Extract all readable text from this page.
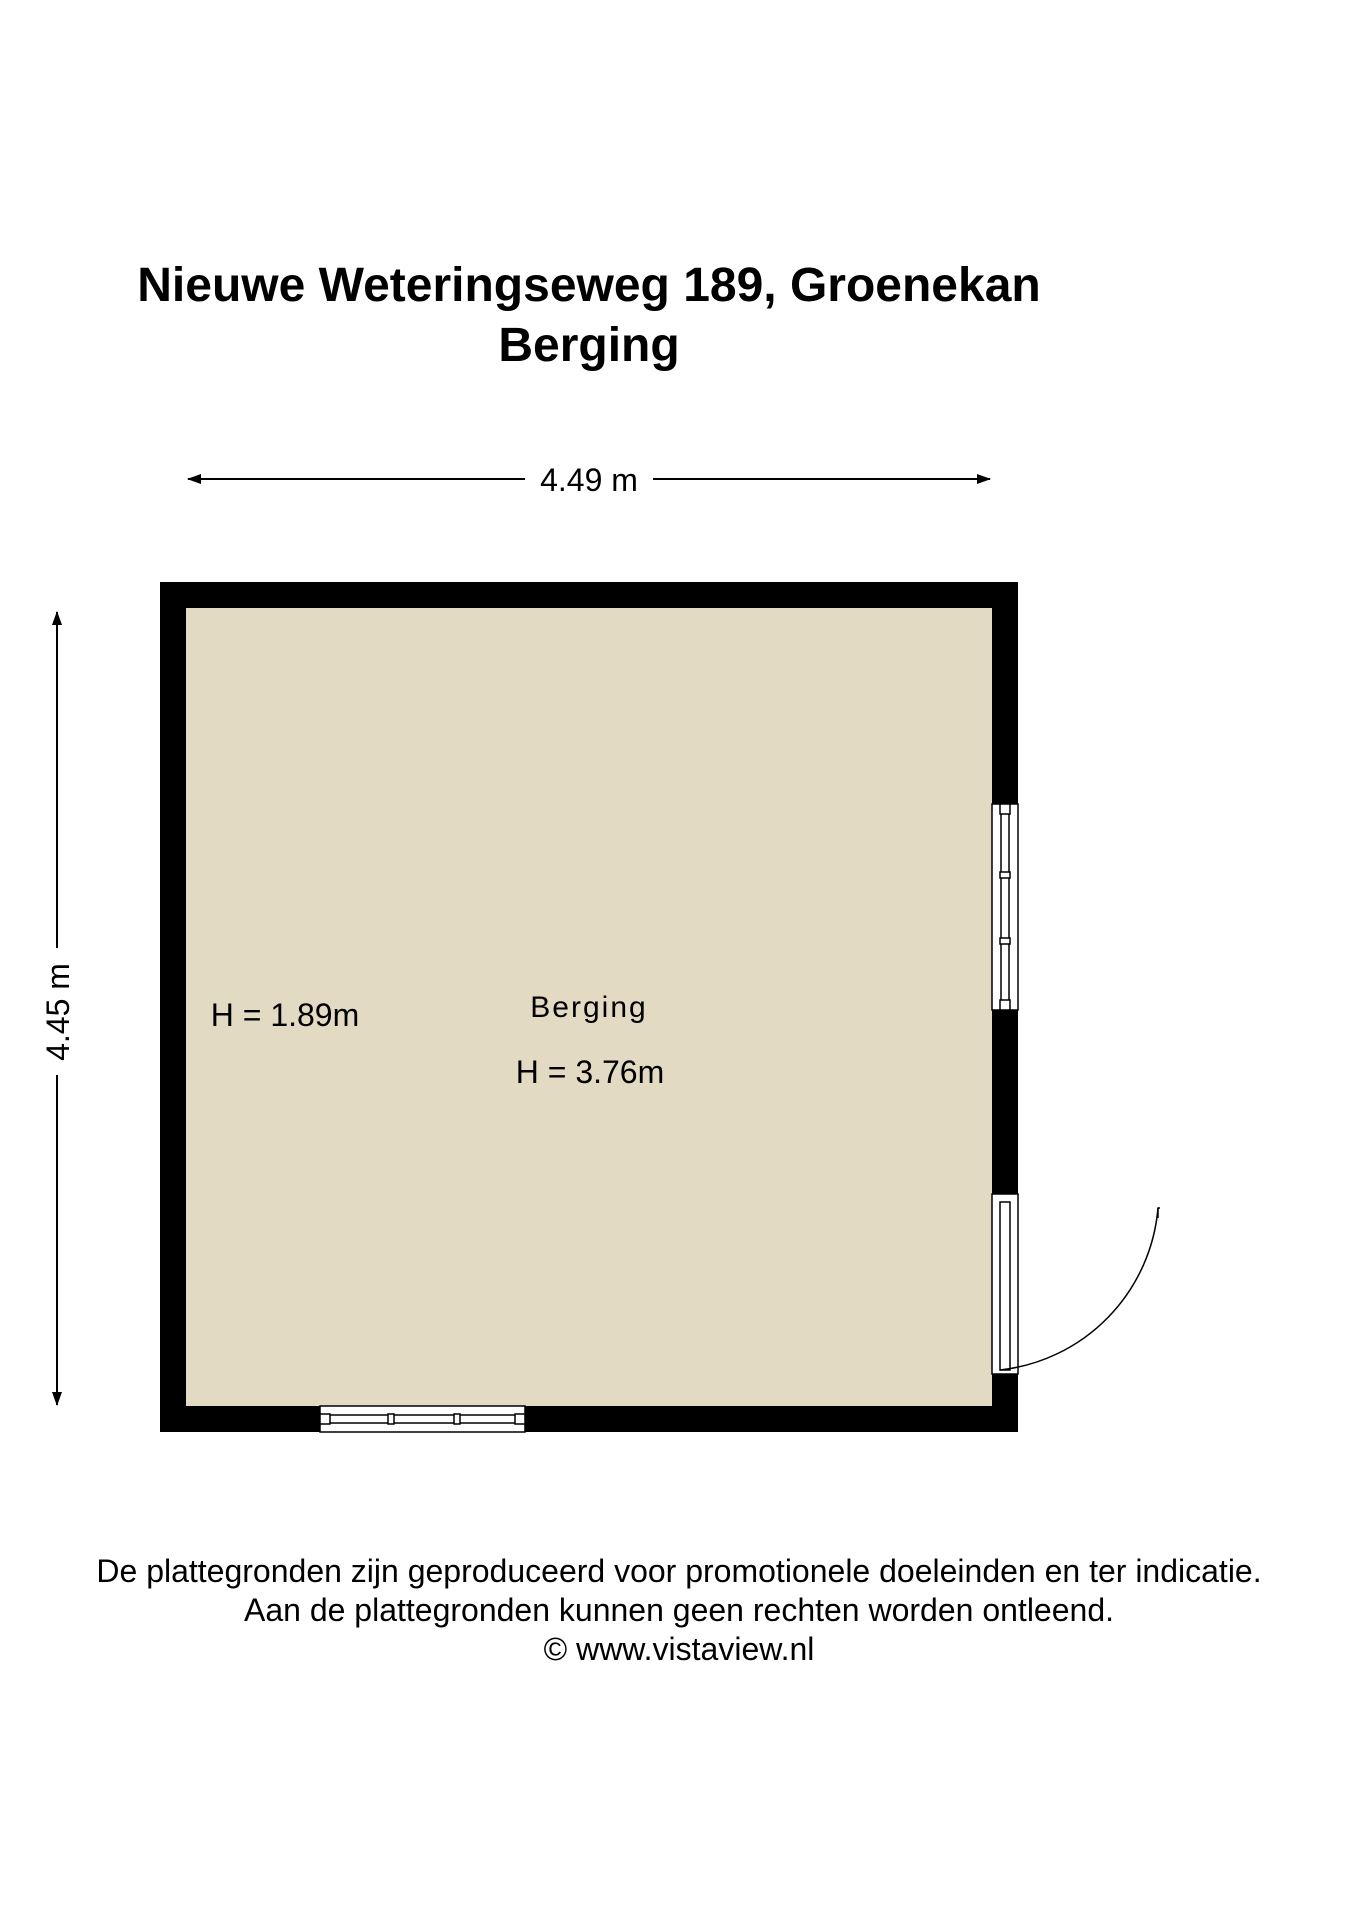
Nieuwe Weteringseweg 189, Groenekan
Berging
4.49 m
4.45 m	Berging
H = 3.76m
H = 1.89m
De plattegronden zijn geproduceerd voor promotionele doeleinden en ter indicatie.
Aan de plattegronden kunnen geen rechten worden ontleend.
© www.vistaview.nl
